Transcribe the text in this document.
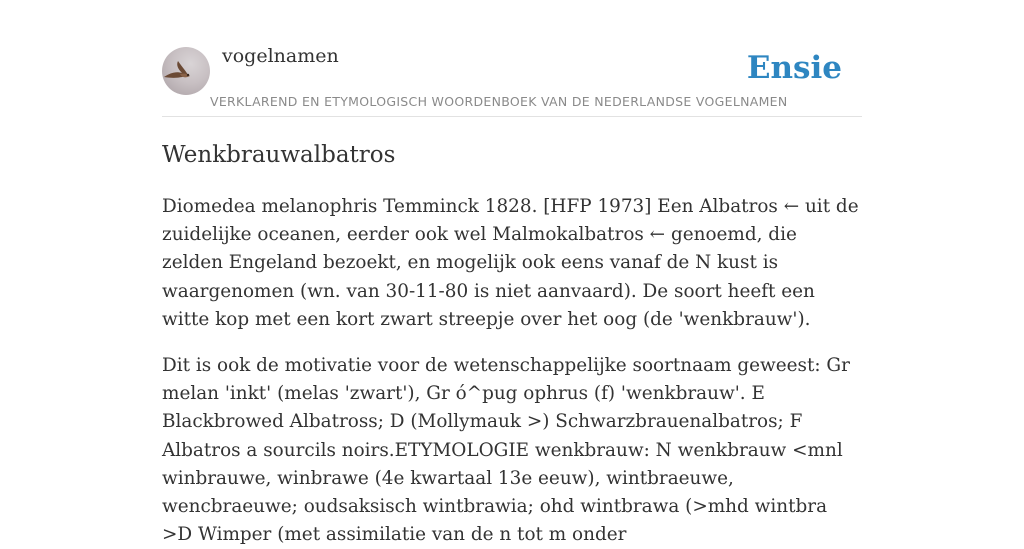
vogelnamen
VERKLAREND EN ETYMOLOGISCH WOORDENBOEK VAN DE NEDERLANDSE VOGELNAMEN
Ensie
Wenkbrauwalbatros

Diomedea melanophris Temminck 1828. [HFP 1973] Een Albatros ← uit de zuidelijke oceanen, eerder ook wel Malmokalbatros ← genoemd, die zelden Engeland bezoekt, en mogelijk ook eens vanaf de N kust is waargenomen (wn. van 30-11-80 is niet aanvaard). De soort heeft een witte kop met een kort zwart streepje over het oog (de 'wenkbrauw').

Dit is ook de motivatie voor de wetenschappelijke soortnaam geweest: Gr melan 'inkt' (melas 'zwart'), Gr ó^pug ophrus (f) 'wenkbrauw'. E Blackbrowed Albatross; D (Mollymauk >) Schwarzbrauenalbatros; F Albatros a sourcils noirs.ETYMOLOGIE wenkbrauw: N wenkbrauw <mnl winbrauwe, winbrawe (4e kwartaal 13e eeuw), wintbraeuwe, wencbraeuwe; oudsaksisch wintbrawia; ohd wintbrawa (>mhd wintbra >D Wimper (met assimilatie van de n tot m onder
